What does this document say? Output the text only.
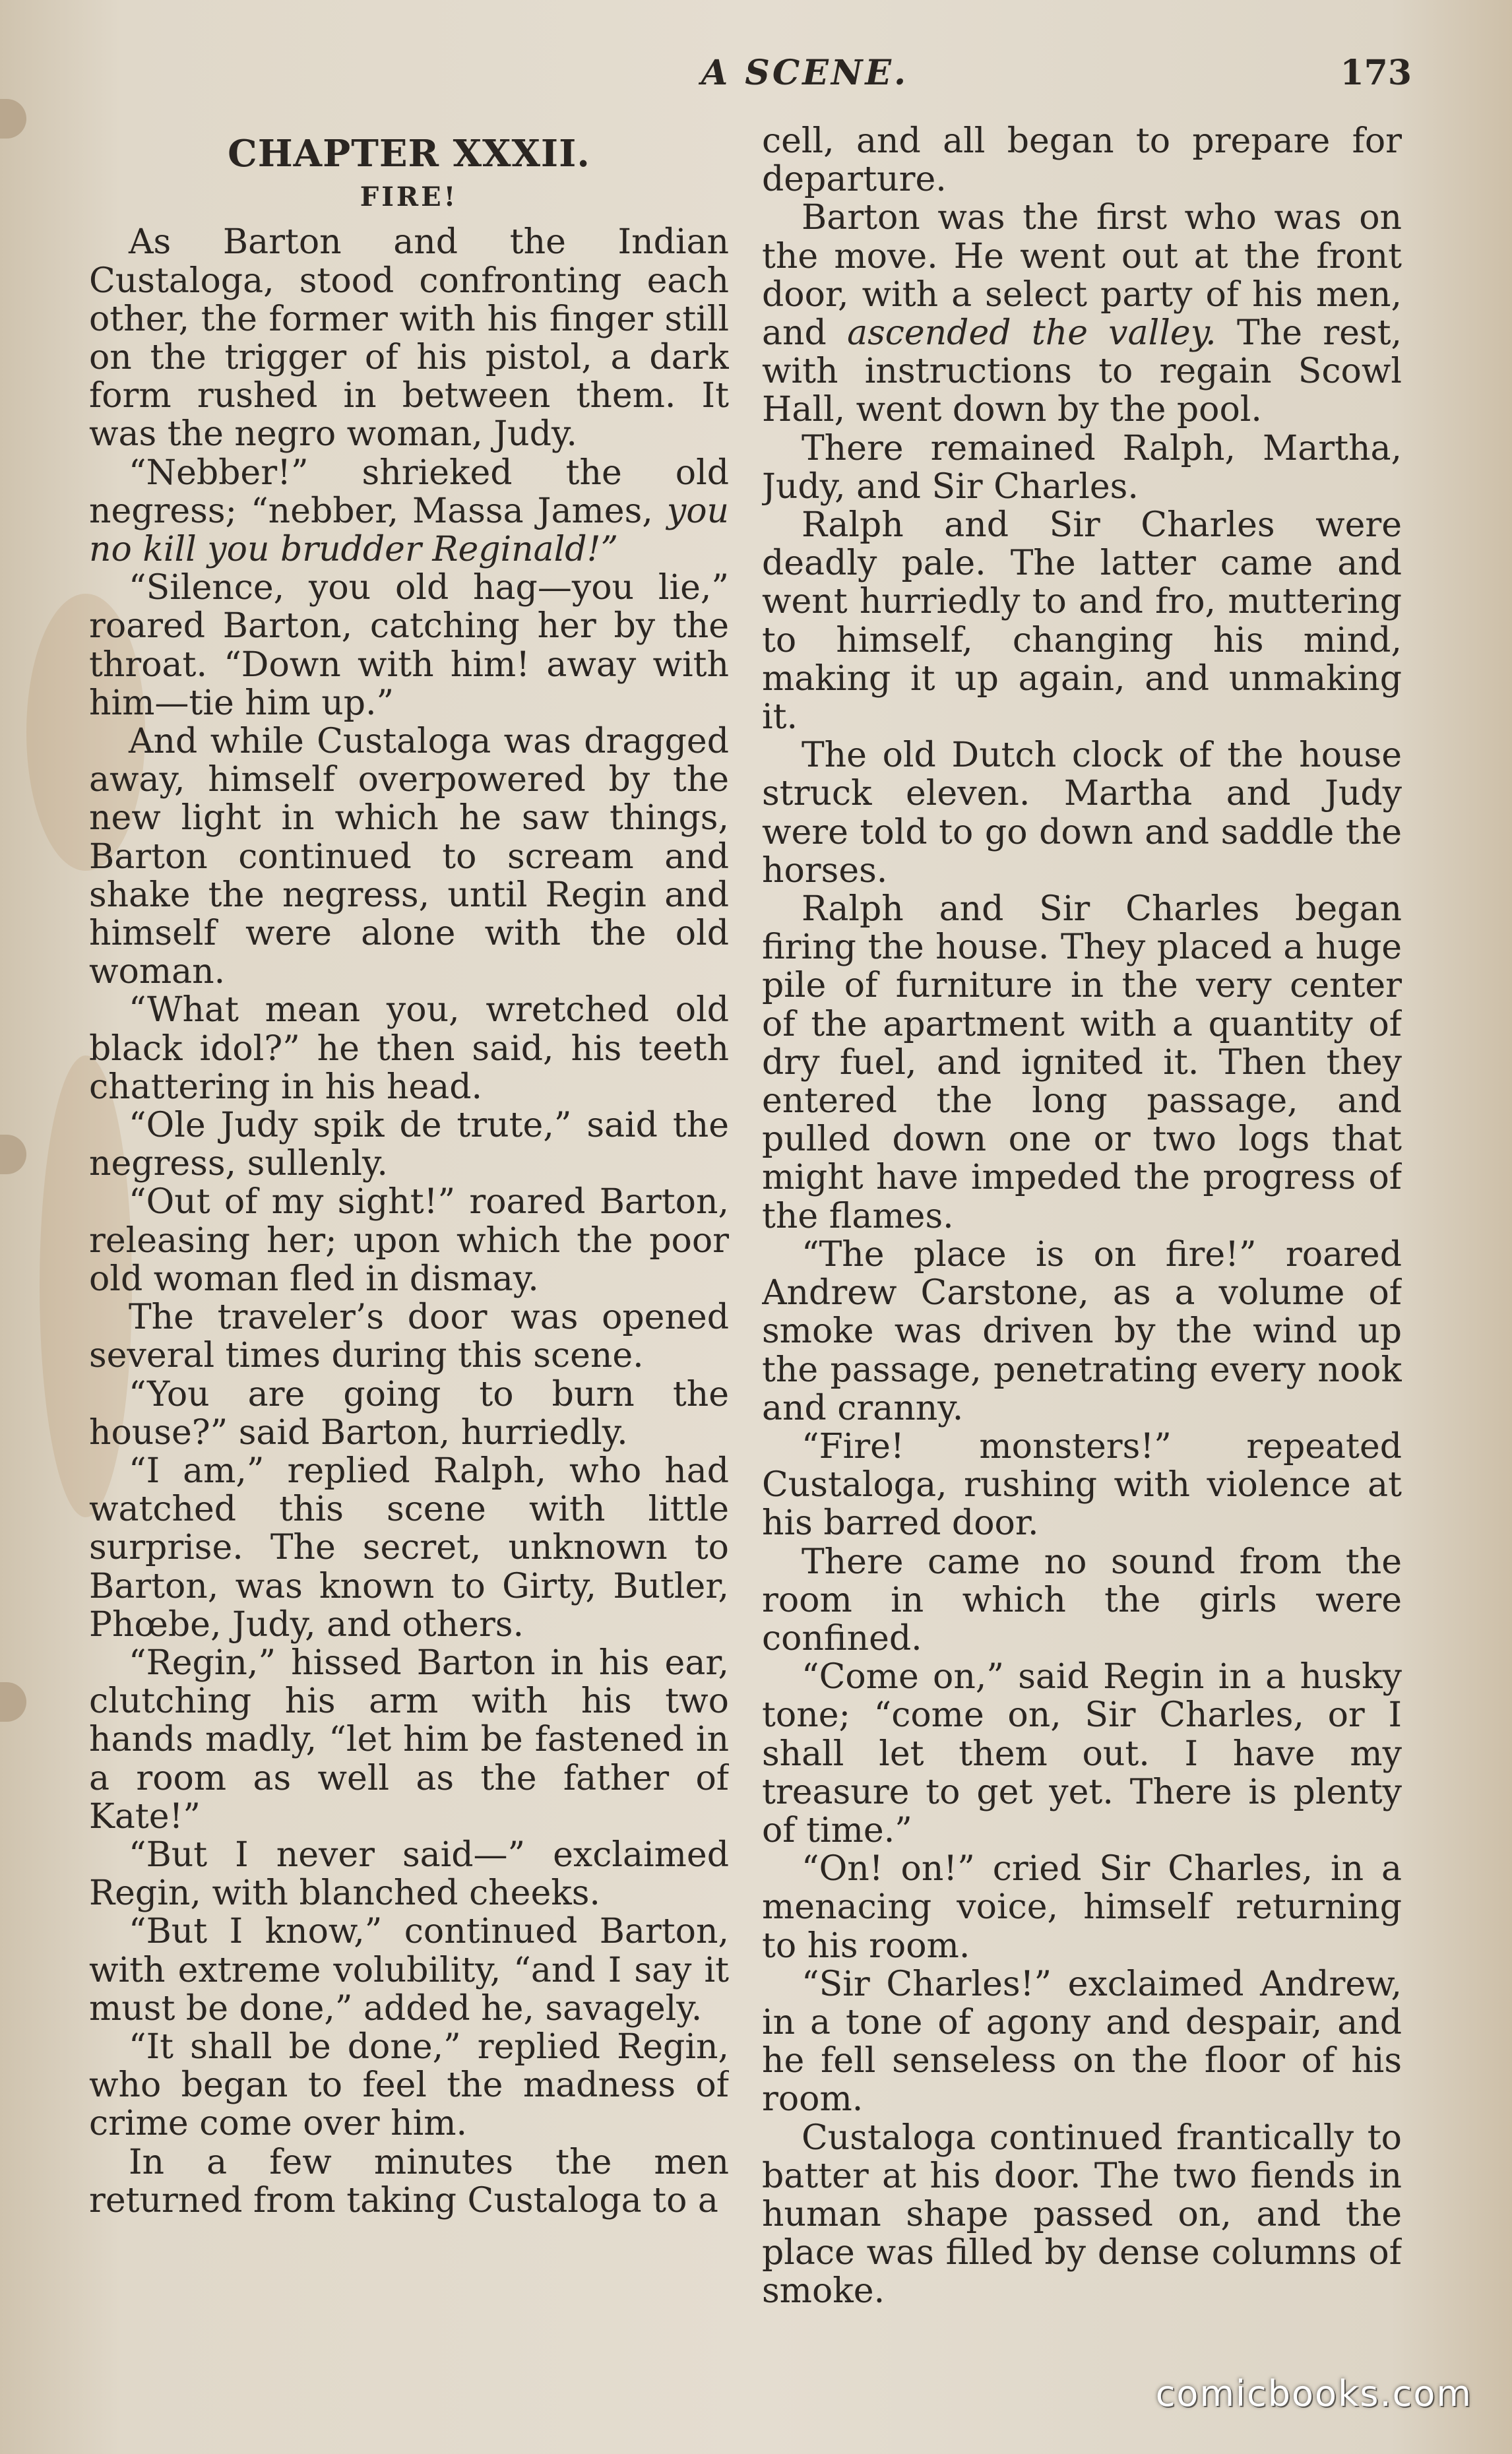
A SCENE.	173
CHAPTER XXXII.
FIRE!

As Barton and the Indian Custaloga, stood confronting each other, the former with his finger still on the trigger of his pistol, a dark form rushed in between them. It was the negro woman, Judy.

“Nebber!” shrieked the old negress; “nebber, Massa James, you no kill you brudder Reginald!”

“Silence, you old hag—you lie,” roared Barton, catching her by the throat. “Down with him! away with him—tie him up.”

And while Custaloga was dragged away, himself overpowered by the new light in which he saw things, Barton continued to scream and shake the negress, until Regin and himself were alone with the old woman.

“What mean you, wretched old black idol?” he then said, his teeth chattering in his head.

“Ole Judy spik de trute,” said the negress, sullenly.

“Out of my sight!” roared Barton, releasing her; upon which the poor old woman fled in dismay.

The traveler’s door was opened several times during this scene.

“You are going to burn the house?” said Barton, hurriedly.

“I am,” replied Ralph, who had watched this scene with little surprise. The secret, unknown to Barton, was known to Girty, Butler, Phœbe, Judy, and others.

“Regin,” hissed Barton in his ear, clutching his arm with his two hands madly, “let him be fastened in a room as well as the father of Kate!”

“But I never said—” exclaimed Regin, with blanched cheeks.

“But I know,” continued Barton, with extreme volubility, “and I say it must be done,” added he, savagely.

“It shall be done,” replied Regin, who began to feel the madness of crime come over him.

In a few minutes the men returned from taking Custaloga to a

cell, and all began to prepare for departure.

Barton was the first who was on the move. He went out at the front door, with a select party of his men, and ascended the valley. The rest, with instructions to regain Scowl Hall, went down by the pool.

There remained Ralph, Martha, Judy, and Sir Charles.

Ralph and Sir Charles were deadly pale. The latter came and went hurriedly to and fro, muttering to himself, changing his mind, making it up again, and unmaking it.

The old Dutch clock of the house struck eleven. Martha and Judy were told to go down and saddle the horses.

Ralph and Sir Charles began firing the house. They placed a huge pile of furniture in the very center of the apartment with a quantity of dry fuel, and ignited it. Then they entered the long passage, and pulled down one or two logs that might have impeded the progress of the flames.

“The place is on fire!” roared Andrew Carstone, as a volume of smoke was driven by the wind up the passage, penetrating every nook and cranny.

“Fire! monsters!” repeated Custaloga, rushing with violence at his barred door.

There came no sound from the room in which the girls were confined.

“Come on,” said Regin in a husky tone; “come on, Sir Charles, or I shall let them out. I have my treasure to get yet. There is plenty of time.”

“On! on!” cried Sir Charles, in a menacing voice, himself returning to his room.

“Sir Charles!” exclaimed Andrew, in a tone of agony and despair, and he fell senseless on the floor of his room.

Custaloga continued frantically to batter at his door. The two fiends in human shape passed on, and the place was filled by dense columns of smoke.

comicbooks.com
